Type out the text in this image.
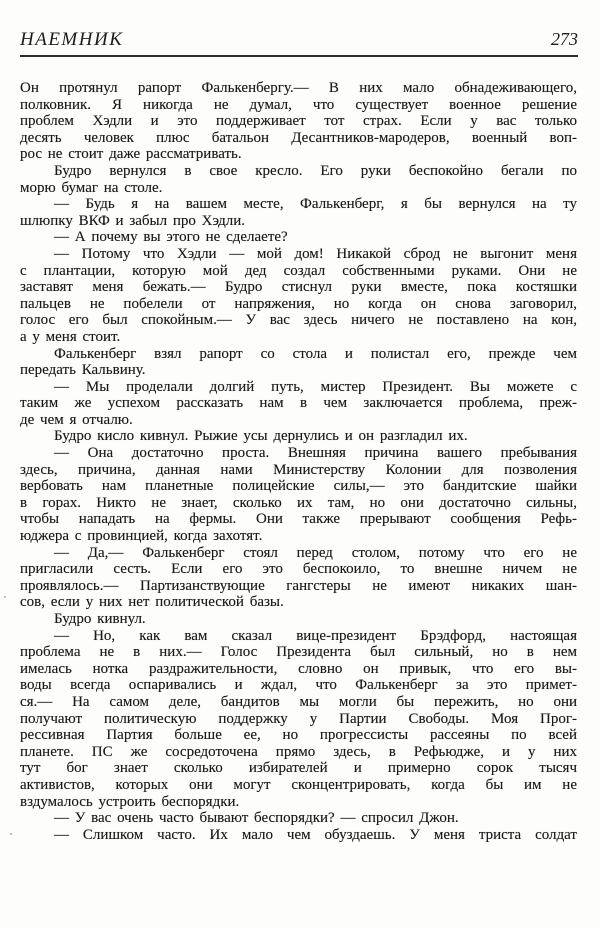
НАЕМНИК	273
Он протянул рапорт Фалькенбергу.— В них мало обнадеживающего,
полковник. Я никогда не думал, что существует военное решение
проблем Хэдли и это поддерживает тот страх. Если у вас только
десять человек плюс батальон Десантников-мародеров, военный воп-
рос не стоит даже рассматривать.
Будро вернулся в свое кресло. Его руки беспокойно бегали по
морю бумаг на столе.
— Будь я на вашем месте, Фалькенберг, я бы вернулся на ту
шлюпку ВКФ и забыл про Хэдли.
— А почему вы этого не сделаете?
— Потому что Хэдли — мой дом! Никакой сброд не выгонит меня
с плантации, которую мой дед создал собственными руками. Они не
заставят меня бежать.— Будро стиснул руки вместе, пока костяшки
пальцев не побелели от напряжения, но когда он снова заговорил,
голос его был спокойным.— У вас здесь ничего не поставлено на кон,
а у меня стоит.
Фалькенберг взял рапорт со стола и полистал его, прежде чем
передать Кальвину.
— Мы проделали долгий путь, мистер Президент. Вы можете с
таким же успехом рассказать нам в чем заключается проблема, преж-
де чем я отчалю.
Будро кисло кивнул. Рыжие усы дернулись и он разгладил их.
— Она достаточно проста. Внешняя причина вашего пребывания
здесь, причина, данная нами Министерству Колонии для позволения
вербовать нам планетные полицейские силы,— это бандитские шайки
в горах. Никто не знает, сколько их там, но они достаточно сильны,
чтобы нападать на фермы. Они также прерывают сообщения Рефь-
юджера с провинцией, когда захотят.
— Да,— Фалькенберг стоял перед столом, потому что его не
пригласили сесть. Если его это беспокоило, то внешне ничем не
проявлялось.— Партизанствующие гангстеры не имеют никаких шан-
сов, если у них нет политической базы.
Будро кивнул.
— Но, как вам сказал вице-президент Брэдфорд, настоящая
проблема не в них.— Голос Президента был сильный, но в нем
имелась нотка раздражительности, словно он привык, что его вы-
воды всегда оспаривались и ждал, что Фалькенберг за это примет-
ся.— На самом деле, бандитов мы могли бы пережить, но они
получают политическую поддержку у Партии Свободы. Моя Прог-
рессивная Партия больше ее, но прогрессисты рассеяны по всей
планете. ПС же сосредоточена прямо здесь, в Рефьюдже, и у них
тут бог знает сколько избирателей и примерно сорок тысяч
активистов, которых они могут сконцентрировать, когда бы им не
вздумалось устроить беспорядки.
— У вас очень часто бывают беспорядки? — спросил Джон.
— Слишком часто. Их мало чем обуздаешь. У меня триста солдат
